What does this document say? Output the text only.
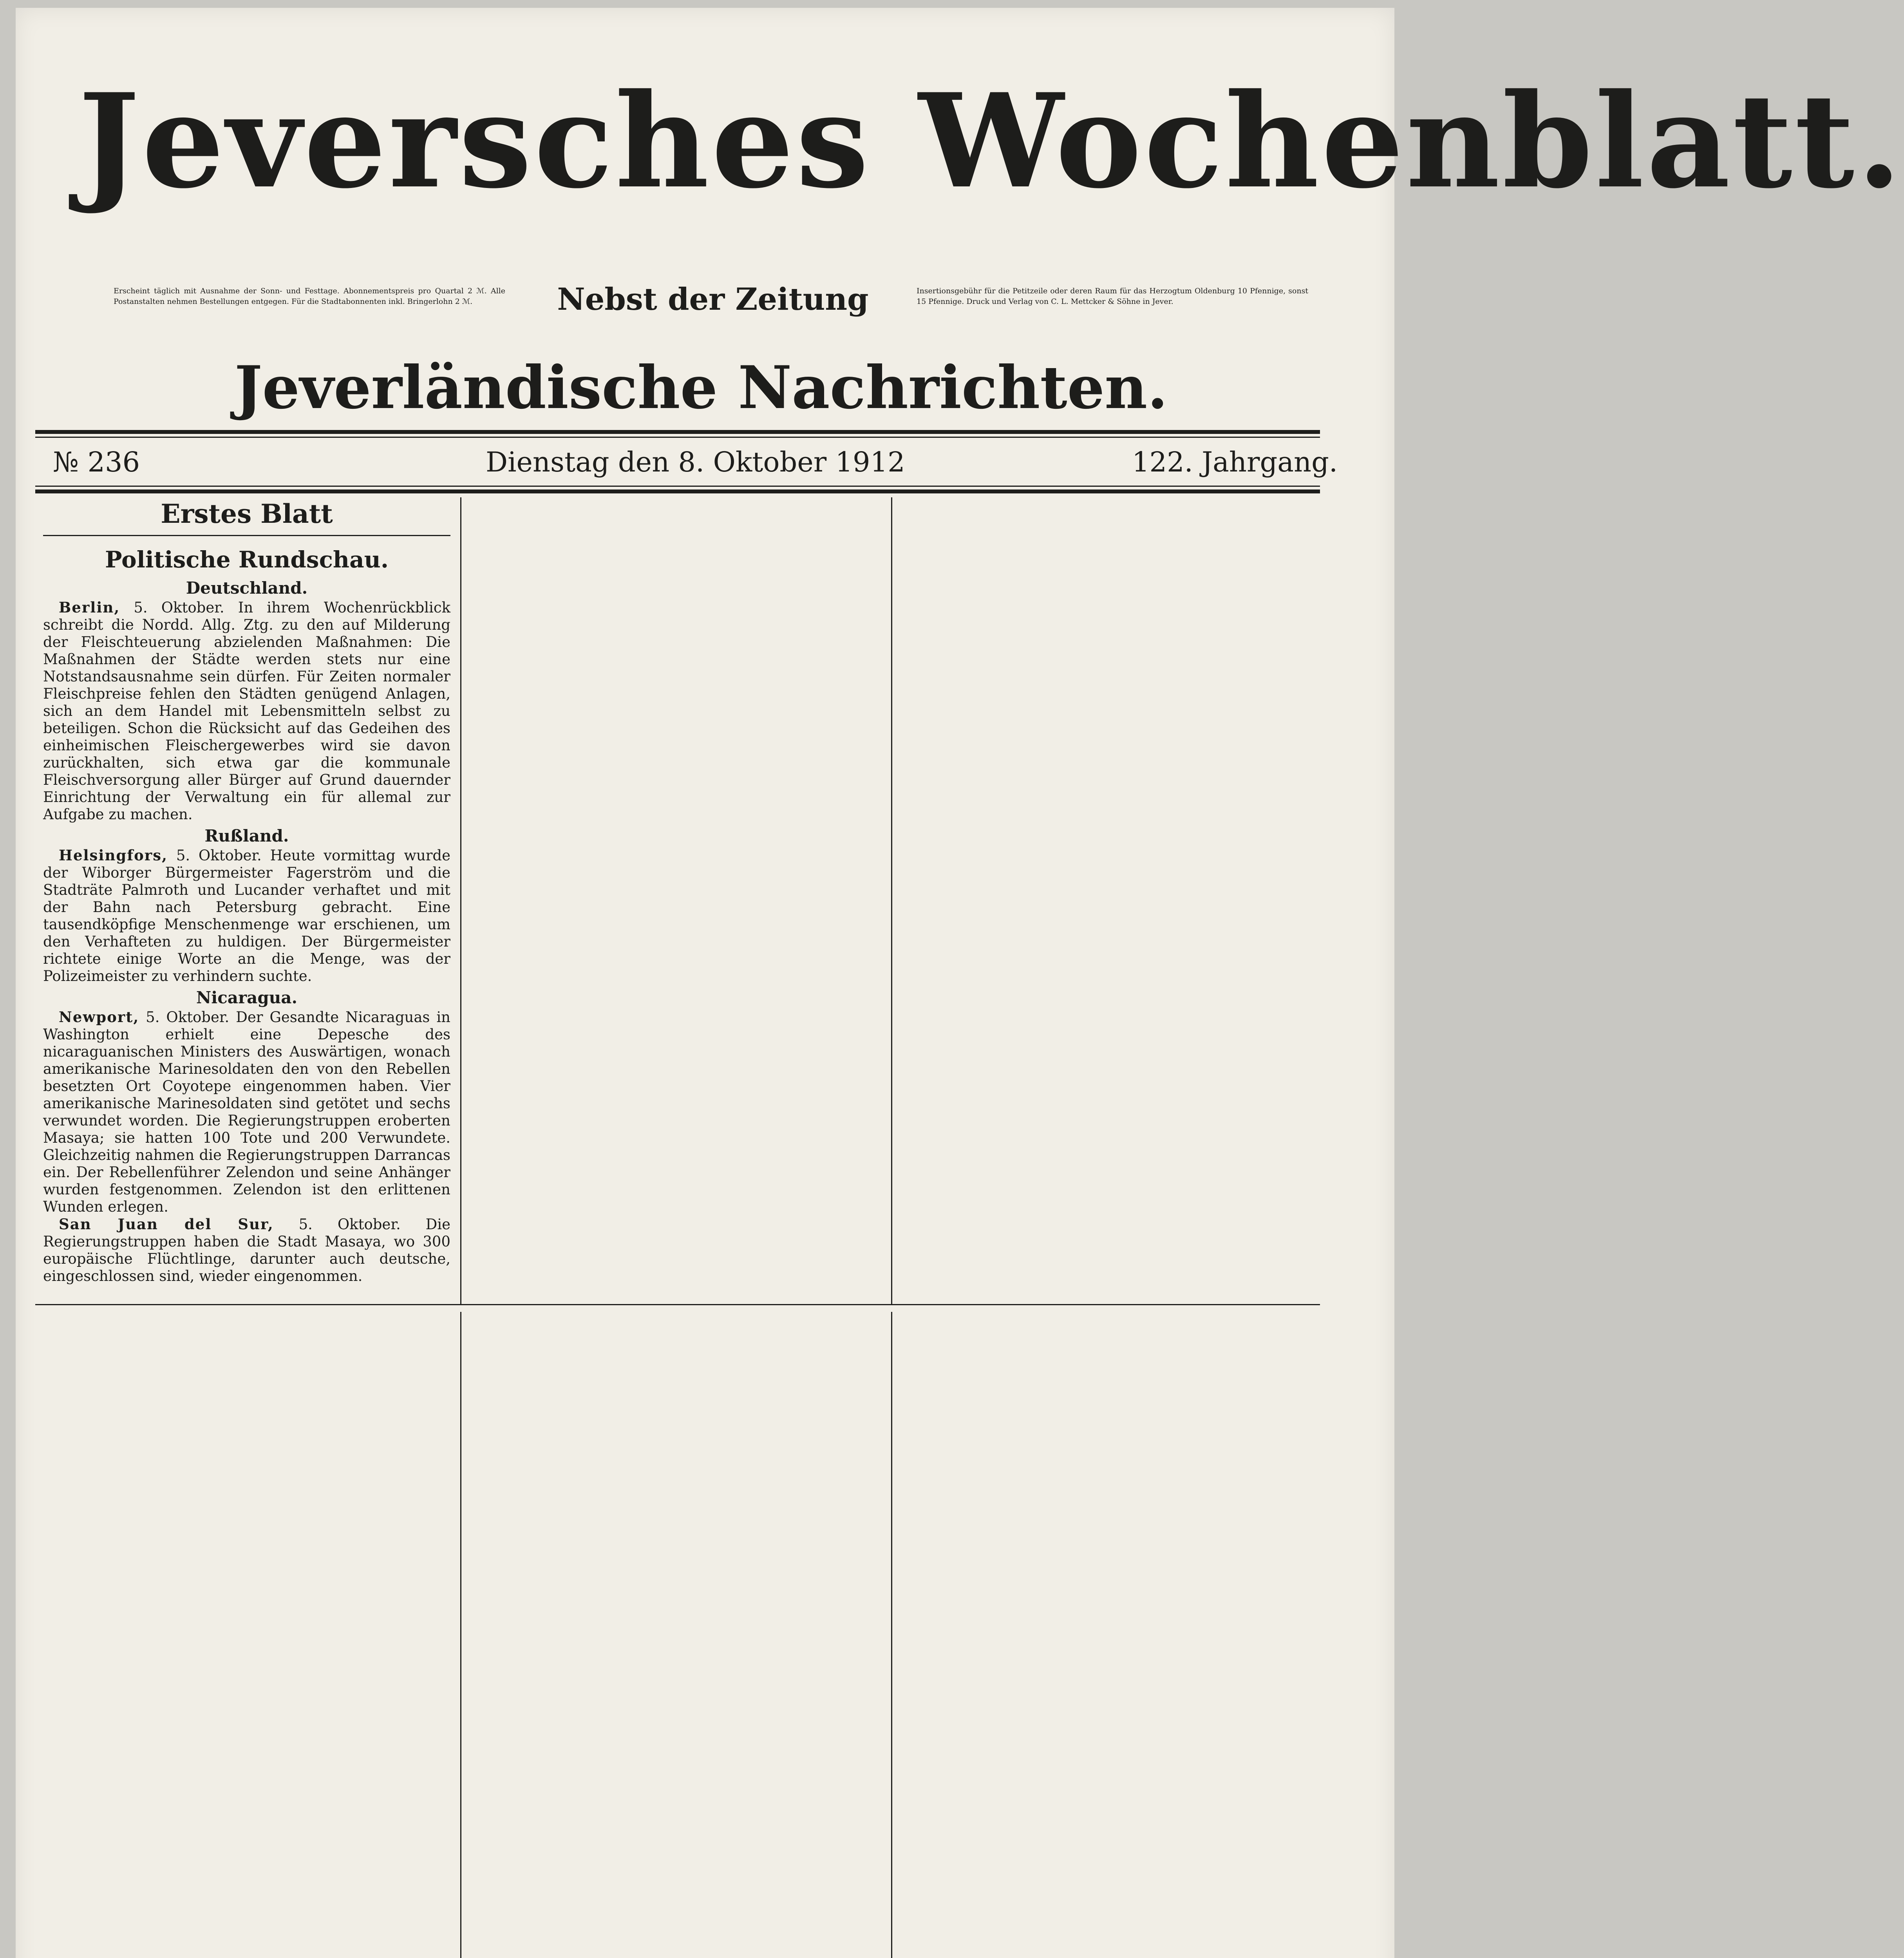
Jeversches Wochenblatt.
Erscheint täglich mit Ausnahme der Sonn- und Festtage. Abonnementspreis pro Quartal 2 ℳ. Alle Postanstalten nehmen Bestellungen entgegen. Für die Stadtabonnenten inkl. Bringerlohn 2 ℳ.	Nebst der Zeitung	Insertionsgebühr für die Petitzeile oder deren Raum für das Herzogtum Oldenburg 10 Pfennige, sonst 15 Pfennige. Druck und Verlag von C. L. Mettcker & Söhne in Jever.
Jeverländische Nachrichten.
№ 236	Dienstag den 8. Oktober 1912	122. Jahrgang.
Erstes Blatt
Politische Rundschau.
Deutschland.

Berlin, 5. Oktober. In ihrem Wochenrückblick schreibt die Nordd. Allg. Ztg. zu den auf Milderung der Fleischteuerung abzielenden Maßnahmen: Die Maßnahmen der Städte werden stets nur eine Notstandsausnahme sein dürfen. Für Zeiten normaler Fleischpreise fehlen den Städten genügend Anlagen, sich an dem Handel mit Lebensmitteln selbst zu beteiligen. Schon die Rücksicht auf das Gedeihen des einheimischen Fleischergewerbes wird sie davon zurückhalten, sich etwa gar die kommunale Fleischversorgung aller Bürger auf Grund dauernder Einrichtung der Verwaltung ein für allemal zur Aufgabe zu machen.

Rußland.

Helsingfors, 5. Oktober. Heute vormittag wurde der Wiborger Bürgermeister Fagerström und die Stadträte Palmroth und Lucander verhaftet und mit der Bahn nach Petersburg gebracht. Eine tausendköpfige Menschenmenge war erschienen, um den Verhafteten zu huldigen. Der Bürgermeister richtete einige Worte an die Menge, was der Polizeimeister zu verhindern suchte.

Nicaragua.

Newport, 5. Oktober. Der Gesandte Nicaraguas in Washington erhielt eine Depesche des nicaraguanischen Ministers des Auswärtigen, wonach amerikanische Marinesoldaten den von den Rebellen besetzten Ort Coyotepe eingenommen haben. Vier amerikanische Marinesoldaten sind getötet und sechs verwundet worden. Die Regierungstruppen eroberten Masaya; sie hatten 100 Tote und 200 Verwundete. Gleichzeitig nahmen die Regierungstruppen Darrancas ein. Der Rebellenführer Zelendon und seine Anhänger wurden festgenommen. Zelendon ist den erlittenen Wunden erlegen.

San Juan del Sur, 5. Oktober. Die Regierungstruppen haben die Stadt Masaya, wo 300 europäische Flüchtlinge, darunter auch deutsche, eingeschlossen sind, wieder eingenommen.
